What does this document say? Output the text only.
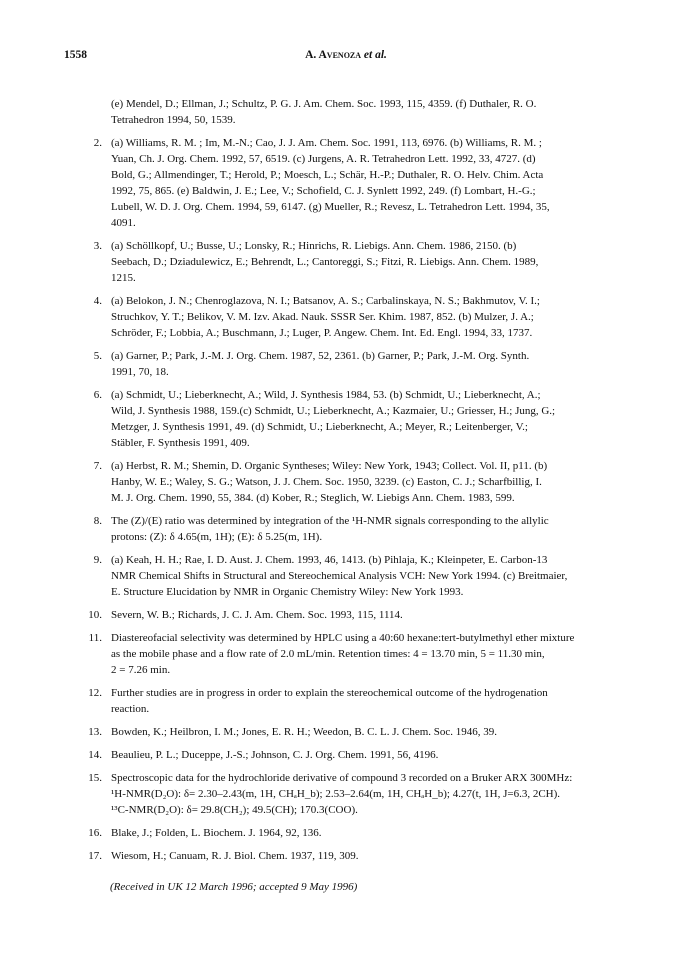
1558	A. Avenoza et al.
(e) Mendel, D.; Ellman, J.; Schultz, P. G. J. Am. Chem. Soc. 1993, 115, 4359. (f) Duthaler, R. O.
Tetrahedron 1994, 50, 1539.
2. (a) Williams, R. M. ; Im, M.-N.; Cao, J. J. Am. Chem. Soc. 1991, 113, 6976. (b) Williams, R. M. ;
Yuan, Ch. J. Org. Chem. 1992, 57, 6519. (c) Jurgens, A. R. Tetrahedron Lett. 1992, 33, 4727. (d)
Bold, G.; Allmendinger, T.; Herold, P.; Moesch, L.; Schär, H.-P.; Duthaler, R. O. Helv. Chim. Acta
1992, 75, 865. (e) Baldwin, J. E.; Lee, V.; Schofield, C. J. Synlett 1992, 249. (f) Lombart, H.-G.;
Lubell, W. D. J. Org. Chem. 1994, 59, 6147. (g) Mueller, R.; Revesz, L. Tetrahedron Lett. 1994, 35,
4091.
3. (a) Schöllkopf, U.; Busse, U.; Lonsky, R.; Hinrichs, R. Liebigs. Ann. Chem. 1986, 2150. (b)
Seebach, D.; Dziadulewicz, E.; Behrendt, L.; Cantoreggi, S.; Fitzi, R. Liebigs. Ann. Chem. 1989,
1215.
4. (a) Belokon, J. N.; Chenroglazova, N. I.; Batsanov, A. S.; Carbalinskaya, N. S.; Bakhmutov, V. I.;
Struchkov, Y. T.; Belikov, V. M. Izv. Akad. Nauk. SSSR Ser. Khim. 1987, 852. (b) Mulzer, J. A.;
Schröder, F.; Lobbia, A.; Buschmann, J.; Luger, P. Angew. Chem. Int. Ed. Engl. 1994, 33, 1737.
5. (a) Garner, P.; Park, J.-M. J. Org. Chem. 1987, 52, 2361. (b) Garner, P.; Park, J.-M. Org. Synth.
1991, 70, 18.
6. (a) Schmidt, U.; Lieberknecht, A.; Wild, J. Synthesis 1984, 53. (b) Schmidt, U.; Lieberknecht, A.;
Wild, J. Synthesis 1988, 159.(c) Schmidt, U.; Lieberknecht, A.; Kazmaier, U.; Griesser, H.; Jung, G.;
Metzger, J. Synthesis 1991, 49. (d) Schmidt, U.; Lieberknecht, A.; Meyer, R.; Leitenberger, V.;
Stäbler, F. Synthesis 1991, 409.
7. (a) Herbst, R. M.; Shemin, D. Organic Syntheses; Wiley: New York, 1943; Collect. Vol. II, p11. (b)
Hanby, W. E.; Waley, S. G.; Watson, J. J. Chem. Soc. 1950, 3239. (c) Easton, C. J.; Scharfbillig, I.
M. J. Org. Chem. 1990, 55, 384. (d) Kober, R.; Steglich, W. Liebigs Ann. Chem. 1983, 599.
8. The (Z)/(E) ratio was determined by integration of the ¹H-NMR signals corresponding to the allylic
protons: (Z): δ 4.65(m, 1H); (E): δ 5.25(m, 1H).
9. (a) Keah, H. H.; Rae, I. D. Aust. J. Chem. 1993, 46, 1413. (b) Pihlaja, K.; Kleinpeter, E. Carbon-13
NMR Chemical Shifts in Structural and Stereochemical Analysis VCH: New York 1994. (c) Breitmaier,
E. Structure Elucidation by NMR in Organic Chemistry Wiley: New York 1993.
10. Severn, W. B.; Richards, J. C. J. Am. Chem. Soc. 1993, 115, 1114.
11. Diastereofacial selectivity was determined by HPLC using a 40:60 hexane:tert-butylmethyl ether mixture
as the mobile phase and a flow rate of 2.0 mL/min. Retention times: 4 = 13.70 min, 5 = 11.30 min,
2 = 7.26 min.
12. Further studies are in progress in order to explain the stereochemical outcome of the hydrogenation
reaction.
13. Bowden, K.; Heilbron, I. M.; Jones, E. R. H.; Weedon, B. C. L. J. Chem. Soc. 1946, 39.
14. Beaulieu, P. L.; Duceppe, J.-S.; Johnson, C. J. Org. Chem. 1991, 56, 4196.
15. Spectroscopic data for the hydrochloride derivative of compound 3 recorded on a Bruker ARX 300MHz:
¹H-NMR(D₂O): δ= 2.30–2.43(m, 1H, CHₐH_b); 2.53–2.64(m, 1H, CHₐH_b); 4.27(t, 1H, J=6.3, 2CH).
¹³C-NMR(D₂O): δ= 29.8(CH₂); 49.5(CH); 170.3(COO).
16. Blake, J.; Folden, L. Biochem. J. 1964, 92, 136.
17. Wiesom, H.; Canuam, R. J. Biol. Chem. 1937, 119, 309.
(Received in UK 12 March 1996; accepted 9 May 1996)
